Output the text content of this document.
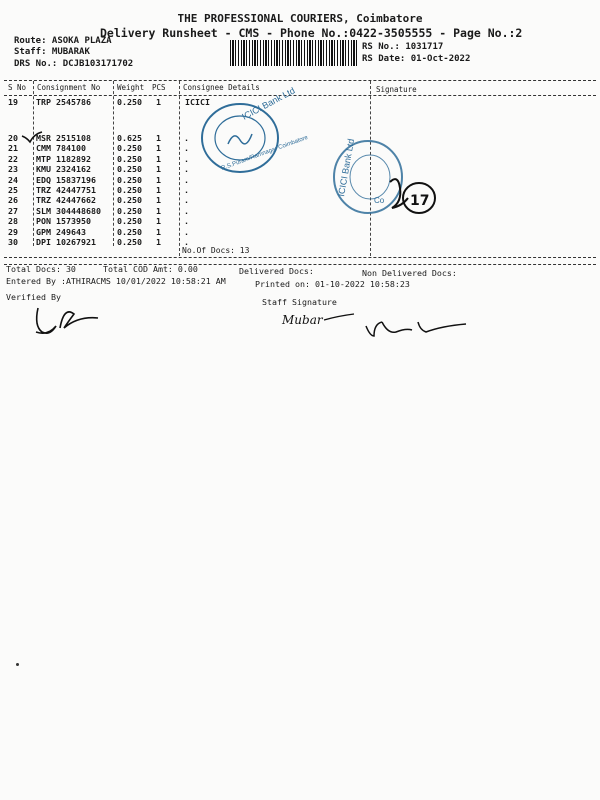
THE PROFESSIONAL COURIERS, Coimbatore
Delivery Runsheet - CMS - Phone No.:0422-3505555 - Page No.:2
Route: ASOKA PLAZA
Staff: MUBARAK
DRS No.: DCJB103171702
RS No.: 1031717
RS Date: 01-Oct-2022
S No Consignment No Weight PCS Consignee Details	Signature
19 TRP 2545786	0.250 1	ICICI
20 MSR 2515108	0.625 1	.
21 CMM 784100	0.250 1	.
22 MTP 1182892	0.250 1	.
23 KMU 2324162	0.250 1	.
24 EDQ 15837196	0.250 1	.
25 TRZ 42447751	0.250 1	.
26 TRZ 42447662	0.250 1	.
27 SLM 304448680 0.250 1	.
28 PON 1573950	0.250 1	.
29 GPM 249643	0.250 1	.
30 DPI 10267921	0.250 1	.
No.Of Docs: 13
Total Docs: 30	Total COD Amt: 0.00	Delivered Docs:	Non Delivered Docs:
Entered By :ATHIRACMS 10/01/2022 10:58:21 AM	Printed on: 01-10-2022 10:58:23
Verified By	Staff Signature
ICICI Bank Ltd
R.S.Puram/Ramnagar Coimbatore	ICICI Bank Ltd
Co 17
Mubar
